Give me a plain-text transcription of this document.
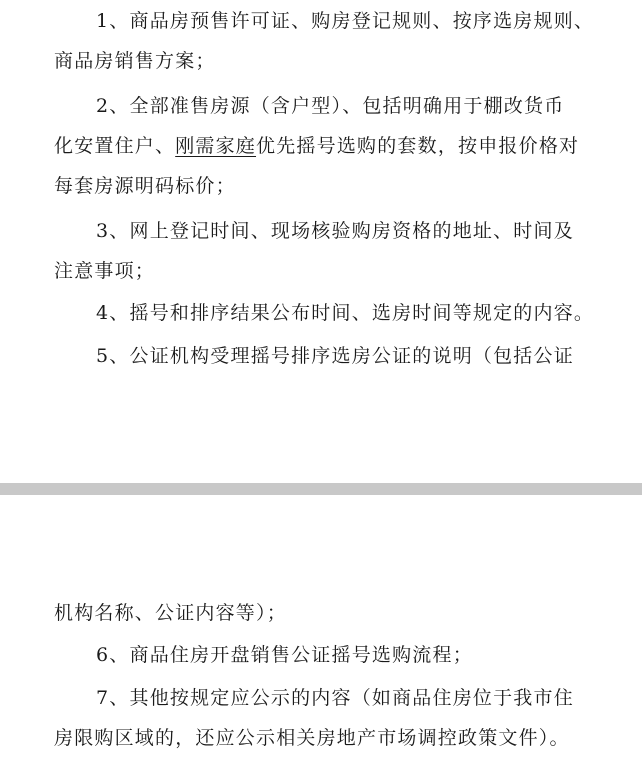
1、商品房预售许可证、购房登记规则、按序选房规则、
商品房销售方案；
2、全部准售房源（含户型）、包括明确用于棚改货币
化安置住户、刚需家庭优先摇号选购的套数，按申报价格对
每套房源明码标价；
3、网上登记时间、现场核验购房资格的地址、时间及
注意事项；
4、摇号和排序结果公布时间、选房时间等规定的内容。
5、公证机构受理摇号排序选房公证的说明（包括公证
机构名称、公证内容等）；
6、商品住房开盘销售公证摇号选购流程；
7、其他按规定应公示的内容（如商品住房位于我市住
房限购区域的，还应公示相关房地产市场调控政策文件）。
